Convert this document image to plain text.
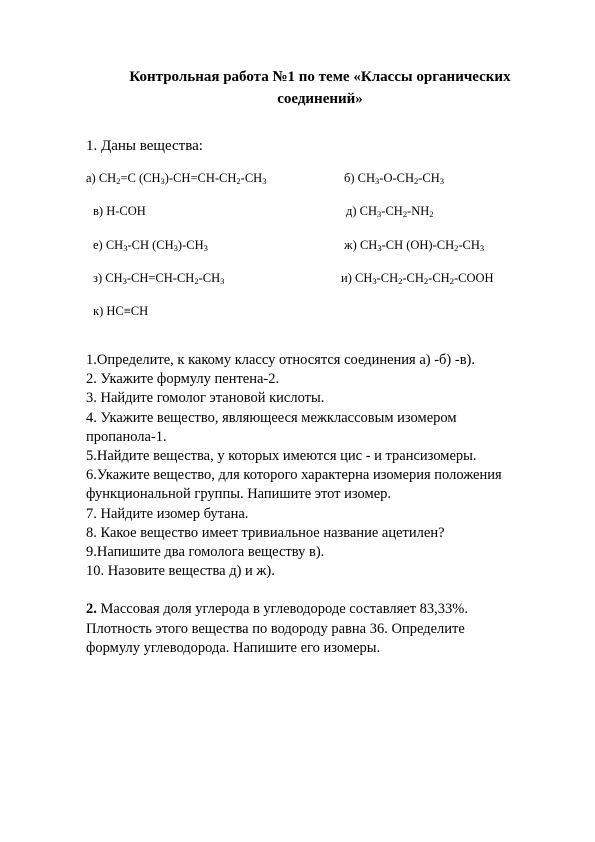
Контрольная работа №1 по теме «Классы органических
соединений»
1. Даны вещества:
а) $CH_2=C$ $(CH_3)-CH=CH-CH_2-CH_3$	б) $CH_3-O-CH_2-CH_3$
в) H-COH	д) $CH_3-CH_2-NH_2$
е) $CH_3-CH$ $(CH_3)-CH_3$	ж) $CH_3-CH$ $(OH)-CH_2-CH_3$
з) $CH_3-CH=CH-CH_2-CH_3$	и) $CH_3-CH_2-CH_2-CH_2$-COOH
к) HC≡CH
1.Определите, к какому классу относятся соединения а) -б) -в).
2. Укажите формулу пентена-2.
3. Найдите гомолог этановой кислоты.
4. Укажите вещество, являющееся межклассовым изомером
пропанола-1.
5.Найдите вещества, у которых имеются цис - и трансизомеры.
6.Укажите вещество, для которого характерна изомерия положения
функциональной группы. Напишите этот изомер.
7. Найдите изомер бутана.
8. Какое вещество имеет тривиальное название ацетилен?
9.Напишите два гомолога веществу в).
10. Назовите вещества д) и ж).
2. Массовая доля углерода в углеводороде составляет 83,33%.
Плотность этого вещества по водороду равна 36. Определите
формулу углеводорода. Напишите его изомеры.
